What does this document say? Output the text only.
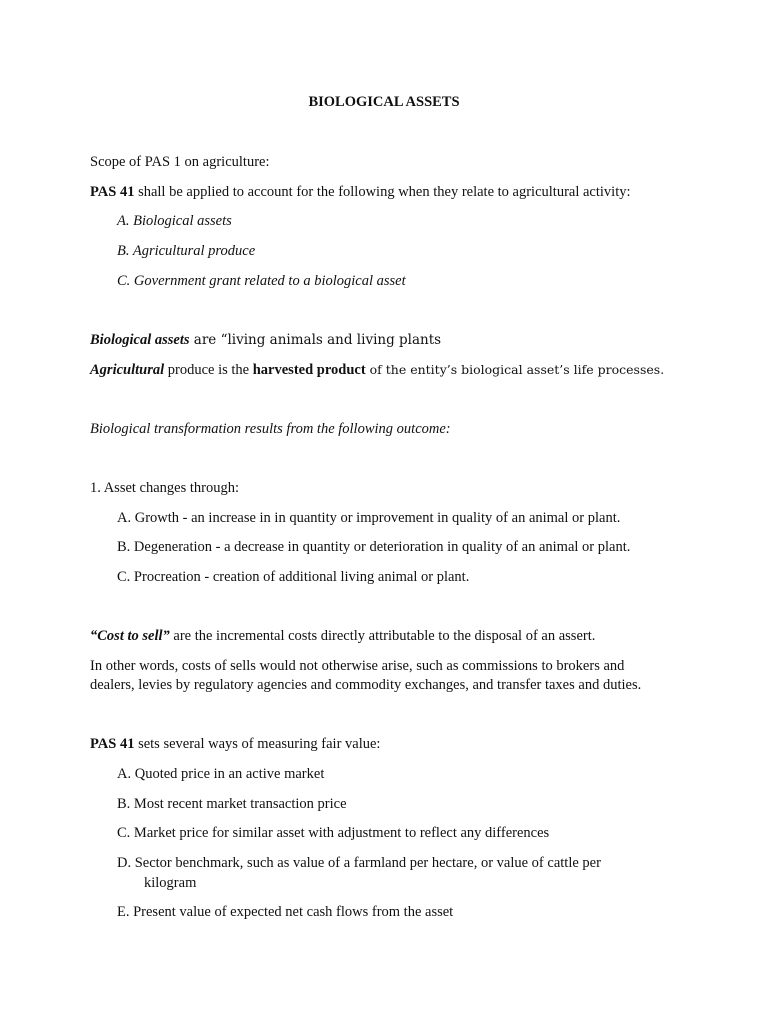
BIOLOGICAL ASSETS
Scope of PAS 1 on agriculture:
PAS 41 shall be applied to account for the following when they relate to agricultural activity:
A. Biological assets
B. Agricultural produce
C. Government grant related to a biological asset
Biological assets are “living animals and living plants
Agricultural produce is the harvested product of the entity’s biological asset’s life processes.
Biological transformation results from the following outcome:
1. Asset changes through:
A. Growth - an increase in in quantity or improvement in quality of an animal or plant.
B. Degeneration - a decrease in quantity or deterioration in quality of an animal or plant.
C. Procreation - creation of additional living animal or plant.
“Cost to sell” are the incremental costs directly attributable to the disposal of an assert.
In other words, costs of sells would not otherwise arise, such as commissions to brokers and
dealers, levies by regulatory agencies and commodity exchanges, and transfer taxes and duties.
PAS 41 sets several ways of measuring fair value:
A. Quoted price in an active market
B. Most recent market transaction price
C. Market price for similar asset with adjustment to reflect any differences
D. Sector benchmark, such as value of a farmland per hectare, or value of cattle per
kilogram
E. Present value of expected net cash flows from the asset
